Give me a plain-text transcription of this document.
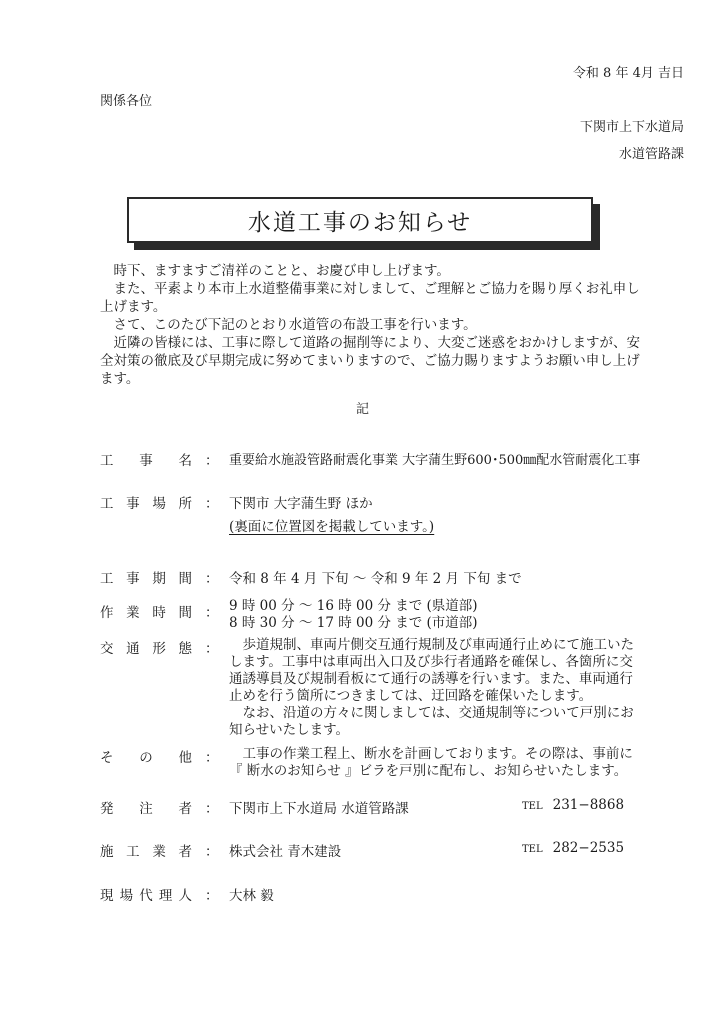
令和 8 年 4月 吉日
関係各位
下関市上下水道局
水道管路課
水道工事のお知らせ

時下、ますますご清祥のことと、お慶び申し上げます。

また、平素より本市上水道整備事業に対しまして、ご理解とご協力を賜り厚くお礼申し上げます。

さて、このたび下記のとおり水道管の布設工事を行います。

近隣の皆様には、工事に際して道路の掘削等により、大変ご迷惑をおかけしますが、安全対策の徹底及び早期完成に努めてまいりますので、ご協力賜りますようお願い申し上げます。

記
工 事 名 ： 重要給水施設管路耐震化事業 大字蒲生野600･500㎜配水管耐震化工事
工 事 場 所 ： 下関市 大字蒲生野 ほか
(裏面に位置図を掲載しています。)
工 事 期 間 ： 令和 8 年 4 月 下旬 〜 令和 9 年 2 月 下旬 まで
作 業 時 間 ： 9 時 00 分 〜 16 時 00 分 まで (県道部)
8 時 30 分 〜 17 時 00 分 まで (市道部)
交 通 形 態 ：	歩道規制、車両片側交互通行規制及び車両通行止めにて施工いたします。工事中は車両出入口及び歩行者通路を確保し、各箇所に交通誘導員及び規制看板にて通行の誘導を行います。また、車両通行止めを行う箇所につきましては、迂回路を確保いたします。
なお、沿道の方々に関しましては、交通規制等について戸別にお知らせいたします。
そ の 他 ：	工事の作業工程上、断水を計画しております。その際は、事前に『 断水のお知らせ 』ビラを戸別に配布し、お知らせいたします。
発 注 者 ： 下関市上下水道局 水道管路課	TEL 231−8868
施 工 業 者 ： 株式会社 青木建設	TEL 282−2535
現 場 代 理 人 ： 大林 毅
